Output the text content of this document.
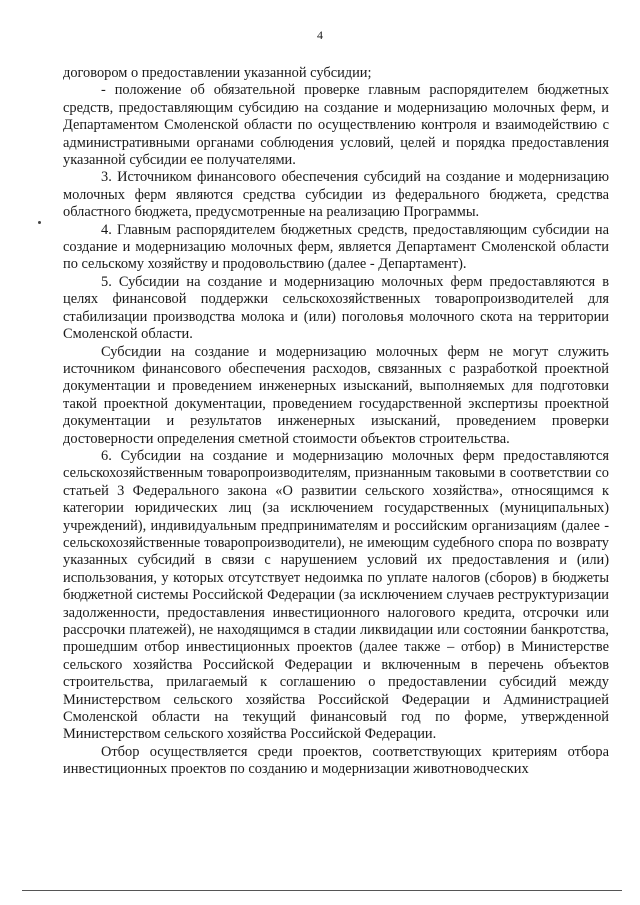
4

договором о предоставлении указанной субсидии;

- положение об обязательной проверке главным распорядителем бюджетных средств, предоставляющим субсидию на создание и модернизацию молочных ферм, и Департаментом Смоленской области по осуществлению контроля и взаимодействию с административными органами соблюдения условий, целей и порядка предоставления указанной субсидии ее получателями.

3. Источником финансового обеспечения субсидий на создание и модернизацию молочных ферм являются средства субсидии из федерального бюджета, средства областного бюджета, предусмотренные на реализацию Программы.

4. Главным распорядителем бюджетных средств, предоставляющим субсидии на создание и модернизацию молочных ферм, является Департамент Смоленской области по сельскому хозяйству и продовольствию (далее - Департамент).

5. Субсидии на создание и модернизацию молочных ферм предоставляются в целях финансовой поддержки сельскохозяйственных товаропроизводителей для стабилизации производства молока и (или) поголовья молочного скота на территории Смоленской области.

Субсидии на создание и модернизацию молочных ферм не могут служить источником финансового обеспечения расходов, связанных с разработкой проектной документации и проведением инженерных изысканий, выполняемых для подготовки такой проектной документации, проведением государственной экспертизы проектной документации и результатов инженерных изысканий, проведением проверки достоверности определения сметной стоимости объектов строительства.

6. Субсидии на создание и модернизацию молочных ферм предоставляются сельскохозяйственным товаропроизводителям, признанным таковыми в соответствии со статьей 3 Федерального закона «О развитии сельского хозяйства», относящимся к категории юридических лиц (за исключением государственных (муниципальных) учреждений), индивидуальным предпринимателям и российским организациям (далее - сельскохозяйственные товаропроизводители), не имеющим судебного спора по возврату указанных субсидий в связи с нарушением условий их предоставления и (или) использования, у которых отсутствует недоимка по уплате налогов (сборов) в бюджеты бюджетной системы Российской Федерации (за исключением случаев реструктуризации задолженности, предоставления инвестиционного налогового кредита, отсрочки или рассрочки платежей), не находящимся в стадии ликвидации или состоянии банкротства, прошедшим отбор инвестиционных проектов (далее также – отбор) в Министерстве сельского хозяйства Российской Федерации и включенным в перечень объектов строительства, прилагаемый к соглашению о предоставлении субсидий между Министерством сельского хозяйства Российской Федерации и Администрацией Смоленской области на текущий финансовый год по форме, утвержденной Министерством сельского хозяйства Российской Федерации.

Отбор осуществляется среди проектов, соответствующих критериям отбора инвестиционных проектов по созданию и модернизации животноводческих
